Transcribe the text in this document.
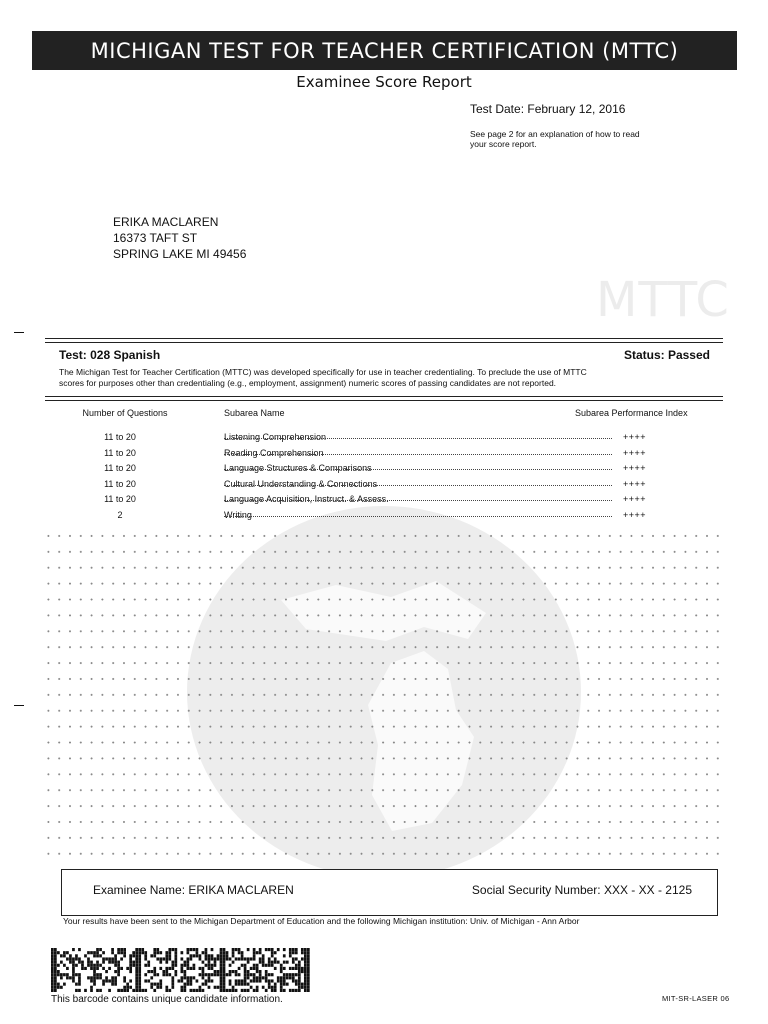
MICHIGAN TEST FOR TEACHER CERTIFICATION (MTTC)
Examinee Score Report
Test Date: February 12, 2016
See page 2 for an explanation of how to read
your score report.
ERIKA MACLAREN
16373 TAFT ST
SPRING LAKE MI 49456
MTTC
Test: 028 Spanish	Status: Passed
The Michigan Test for Teacher Certification (MTTC) was developed specifically for use in teacher credentialing. To preclude the use of MTTC
scores for purposes other than credentialing (e.g., employment, assignment) numeric scores of passing candidates are not reported.
Number of Questions	Subarea Name	Subarea Performance Index
11 to 20	Listening Comprehension	++++
11 to 20	Reading Comprehension	++++
11 to 20	Language Structures & Comparisons	++++
11 to 20	Cultural Understanding & Connections	++++
11 to 20	Language Acquisition, Instruct. & Assess.	++++
2	Writing	++++
Examinee Name: ERIKA MACLAREN	Social Security Number: XXX - XX - 2125
Your results have been sent to the Michigan Department of Education and the following Michigan institution: Univ. of Michigan - Ann Arbor
This barcode contains unique candidate information.	MIT-SR-LASER 06
